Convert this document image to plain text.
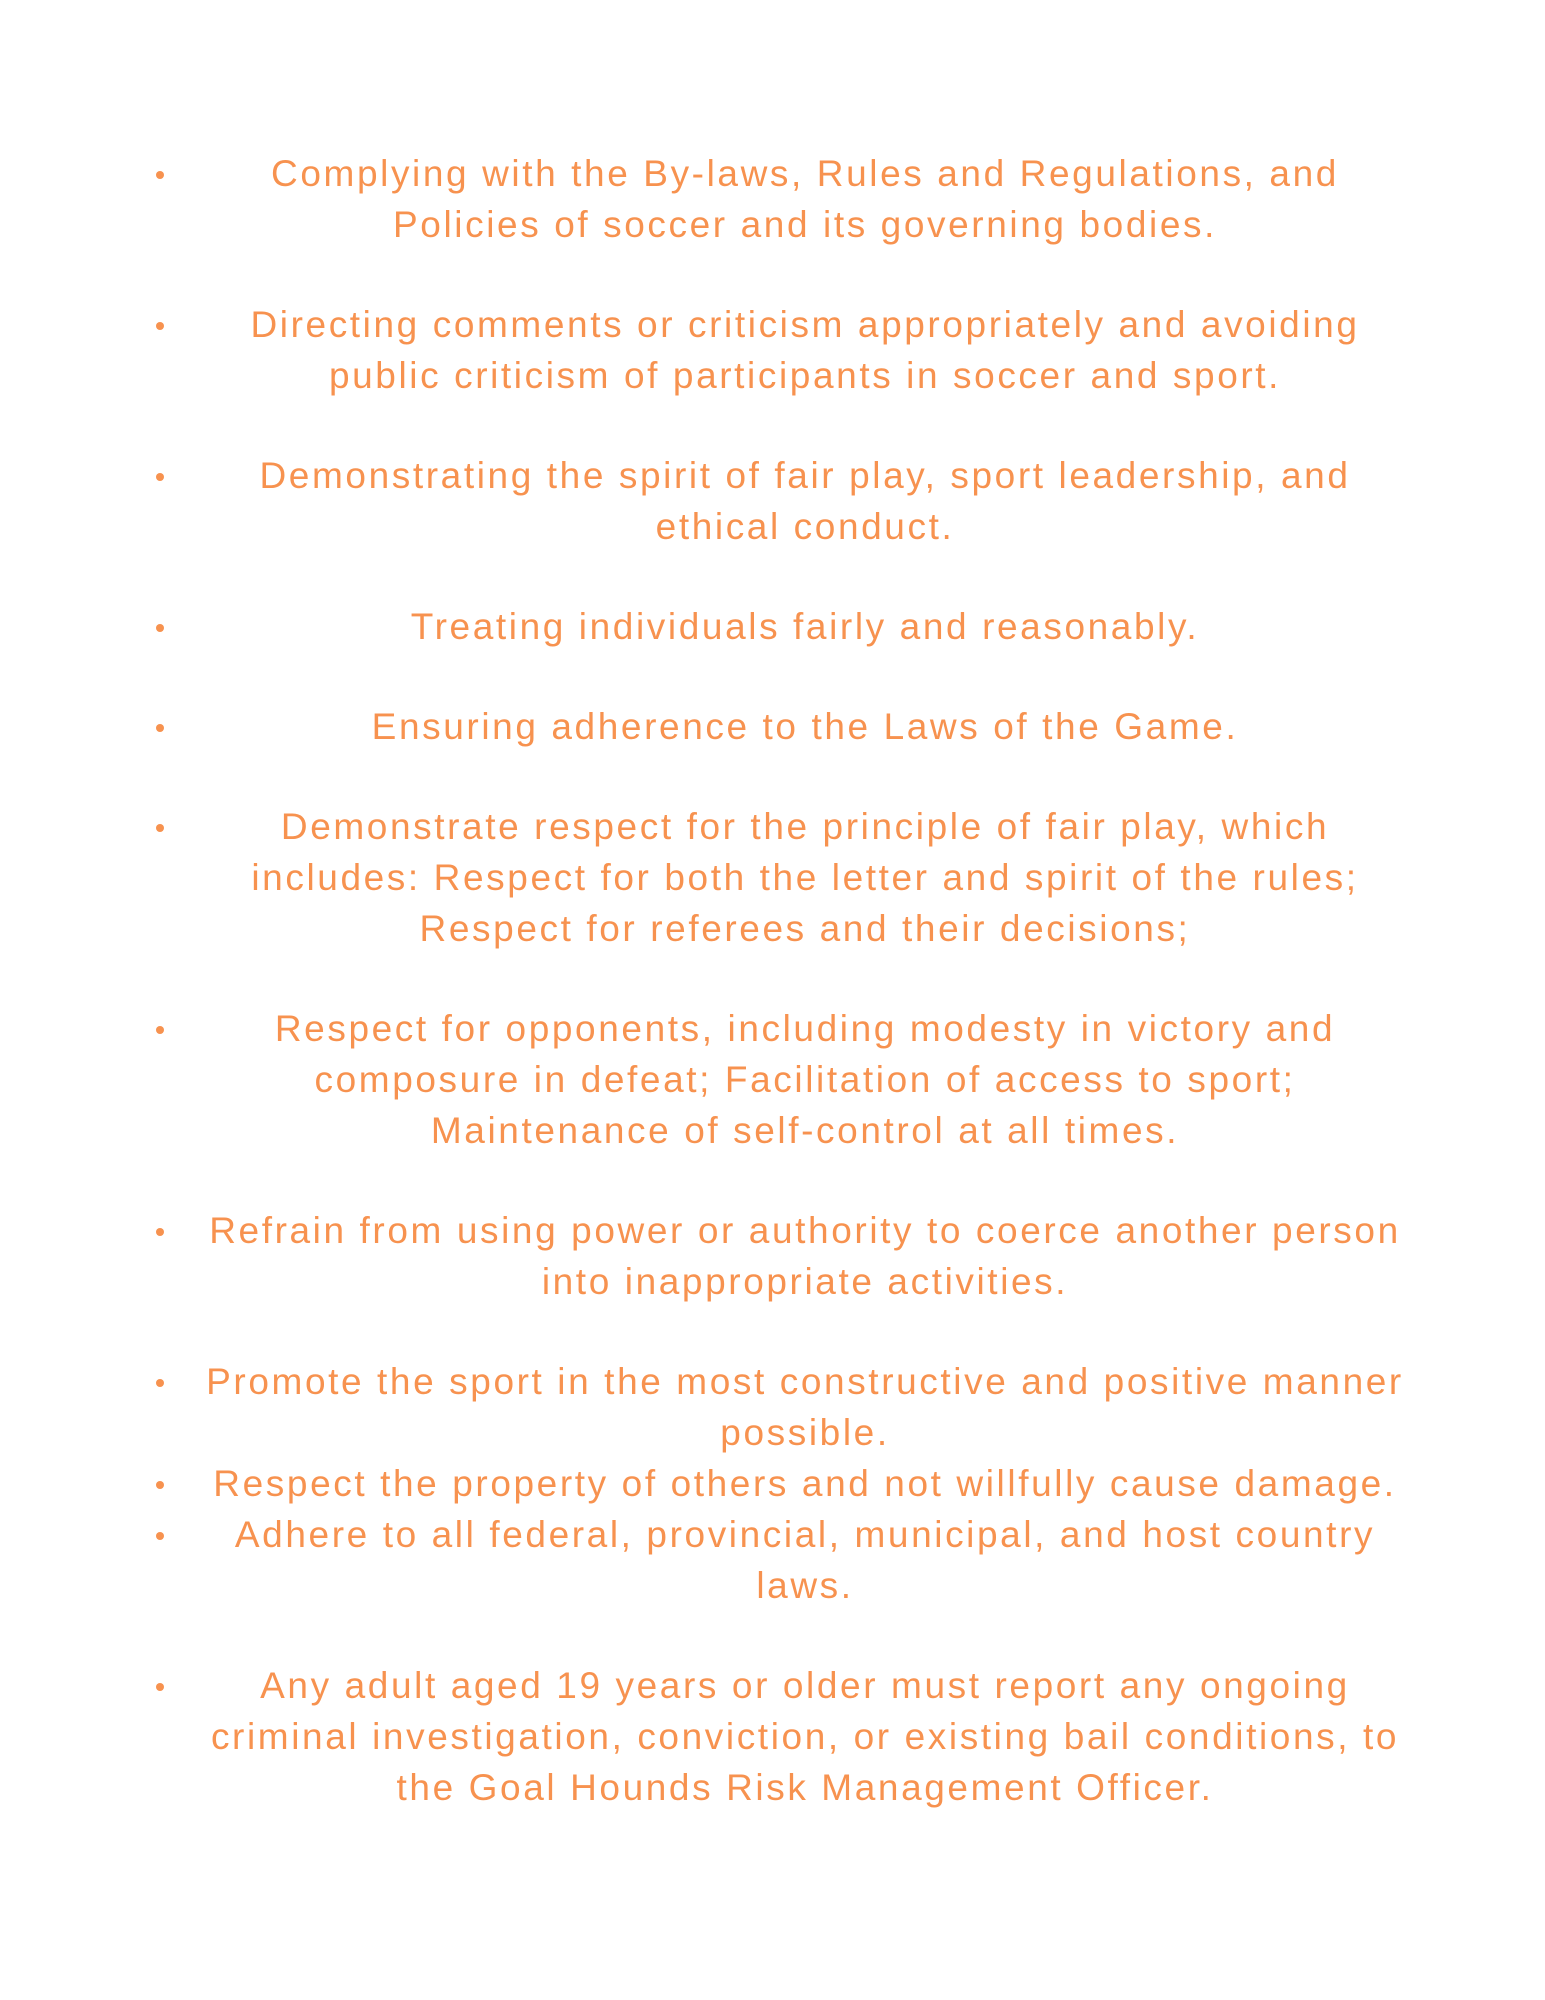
Complying with the By-laws, Rules and Regulations, and Policies of soccer and its governing bodies.
Directing comments or criticism appropriately and avoiding public criticism of participants in soccer and sport.
Demonstrating the spirit of fair play, sport leadership, and ethical conduct.
Treating individuals fairly and reasonably.
Ensuring adherence to the Laws of the Game.
Demonstrate respect for the principle of fair play, which includes: Respect for both the letter and spirit of the rules; Respect for referees and their decisions;
Respect for opponents, including modesty in victory and composure in defeat; Facilitation of access to sport; Maintenance of self-control at all times.
Refrain from using power or authority to coerce another person into inappropriate activities.
Promote the sport in the most constructive and positive manner possible.
Respect the property of others and not willfully cause damage.
Adhere to all federal, provincial, municipal, and host country laws.
Any adult aged 19 years or older must report any ongoing criminal investigation, conviction, or existing bail conditions, to the Goal Hounds Risk Management Officer.
